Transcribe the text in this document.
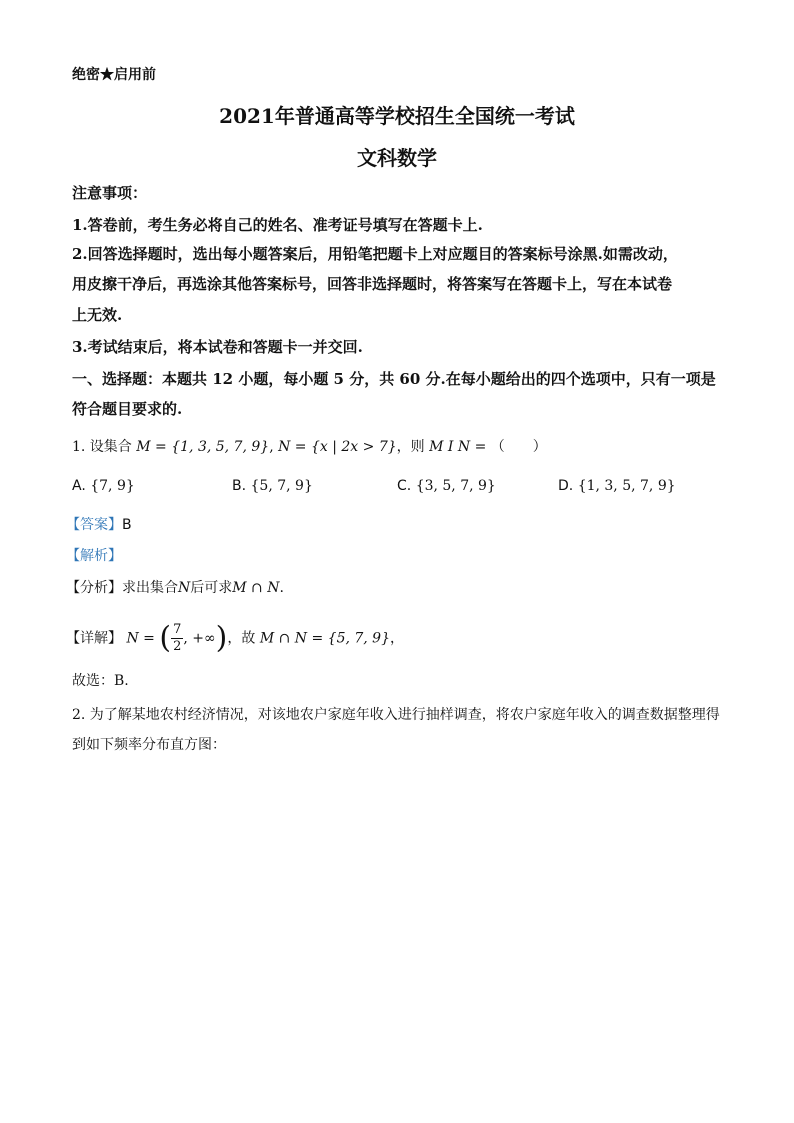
绝密★启用前
2021年普通高等学校招生全国统一考试
文科数学
注意事项：
1.答卷前，考生务必将自己的姓名、准考证号填写在答题卡上.
2.回答选择题时，选出每小题答案后，用铅笔把题卡上对应题目的答案标号涂黑.如需改动，
用皮擦干净后，再选涂其他答案标号，回答非选择题时，将答案写在答题卡上，写在本试卷
上无效.
3.考试结束后，将本试卷和答题卡一并交回.
一、选择题：本题共 12 小题，每小题 5 分，共 60 分.在每小题给出的四个选项中，只有一项是
符合题目要求的.
1. 设集合 M = {1, 3, 5, 7, 9}, N = {x | 2x > 7}，则 M I N = （　　）
A. {7, 9}	B. {5, 7, 9}	C. {3, 5, 7, 9}	D. {1, 3, 5, 7, 9}
【答案】B
【解析】
【分析】求出集合N后可求M ∩ N.
【详解】 N = ( $\frac{7}{2}$ , +∞)，故 M ∩ N = {5, 7, 9}，
故选：B.
2. 为了解某地农村经济情况，对该地农户家庭年收入进行抽样调查，将农户家庭年收入的调查数据整理得
到如下频率分布直方图：
